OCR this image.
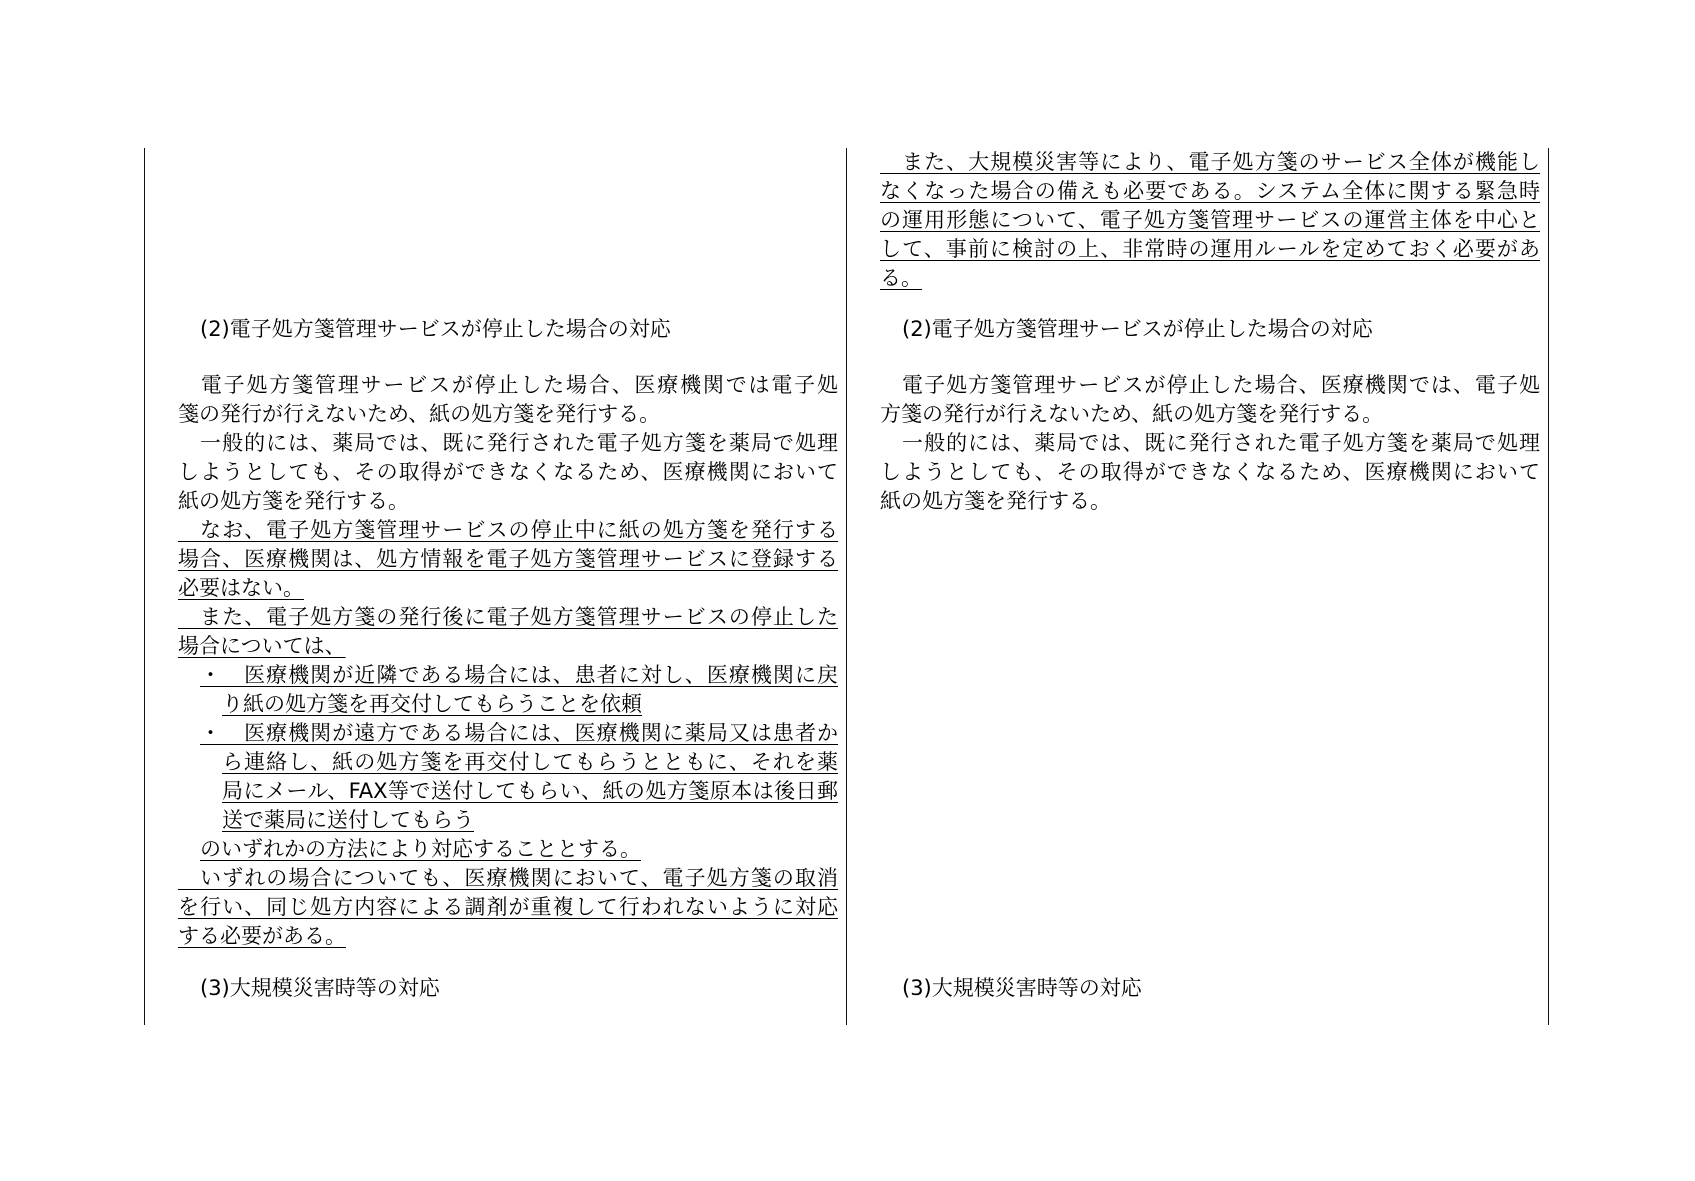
(2)電子処方箋管理サービスが停止した場合の対応
　電子処方箋管理サービスが停止した場合、医療機関では電子処
箋の発行が行えないため、紙の処方箋を発行する。
　一般的には、薬局では、既に発行された電子処方箋を薬局で処理
しようとしても、その取得ができなくなるため、医療機関において
紙の処方箋を発行する。
　なお、電子処方箋管理サービスの停止中に紙の処方箋を発行する
場合、医療機関は、処方情報を電子処方箋管理サービスに登録する
必要はない。
　また、電子処方箋の発行後に電子処方箋管理サービスの停止した
場合については、
・　医療機関が近隣である場合には、患者に対し、医療機関に戻
り紙の処方箋を再交付してもらうことを依頼
・　医療機関が遠方である場合には、医療機関に薬局又は患者か
ら連絡し、紙の処方箋を再交付してもらうとともに、それを薬
局にメール、FAX等で送付してもらい、紙の処方箋原本は後日郵
送で薬局に送付してもらう
のいずれかの方法により対応することとする。
　いずれの場合についても、医療機関において、電子処方箋の取消
を行い、同じ処方内容による調剤が重複して行われないように対応
する必要がある。
(3)大規模災害時等の対応
　また、大規模災害等により、電子処方箋のサービス全体が機能し
なくなった場合の備えも必要である。システム全体に関する緊急時
の運用形態について、電子処方箋管理サービスの運営主体を中心と
して、事前に検討の上、非常時の運用ルールを定めておく必要があ
る。
(2)電子処方箋管理サービスが停止した場合の対応
　電子処方箋管理サービスが停止した場合、医療機関では、電子処
方箋の発行が行えないため、紙の処方箋を発行する。
　一般的には、薬局では、既に発行された電子処方箋を薬局で処理
しようとしても、その取得ができなくなるため、医療機関において
紙の処方箋を発行する。
(3)大規模災害時等の対応
